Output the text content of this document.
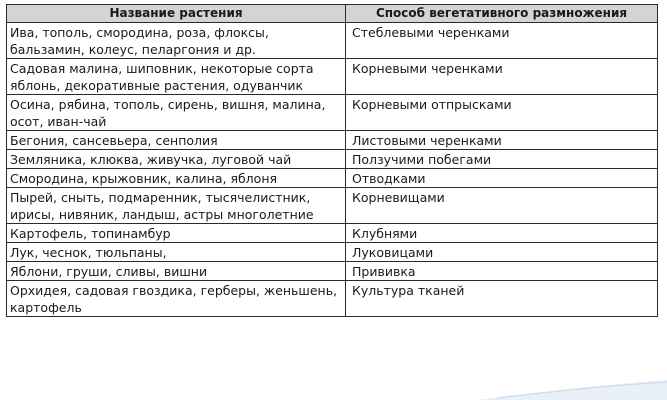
Название растения	Способ вегетативного размножения
Ива, тополь, смородина, роза, флоксы, бальзамин, колеус, пеларгония и др.	Стеблевыми черенками
Садовая малина, шиповник, некоторые сорта яблонь, декоративные растения, одуванчик	Корневыми черенками
Осина, рябина, тополь, сирень, вишня, малина, осот, иван-чай	Корневыми отпрысками
Бегония, сансевьера, сенполия	Листовыми черенками
Земляника, клюква, живучка, луговой чай	Ползучими побегами
Смородина, крыжовник, калина, яблоня	Отводками
Пырей, сныть, подмаренник, тысячелистник, ирисы, нивяник, ландыш, астры многолетние	Корневищами
Картофель, топинамбур	Клубнями
Лук, чеснок, тюльпаны,	Луковицами
Яблони, груши, сливы, вишни	Прививка
Орхидея, садовая гвоздика, герберы, женьшень, картофель	Культура тканей
